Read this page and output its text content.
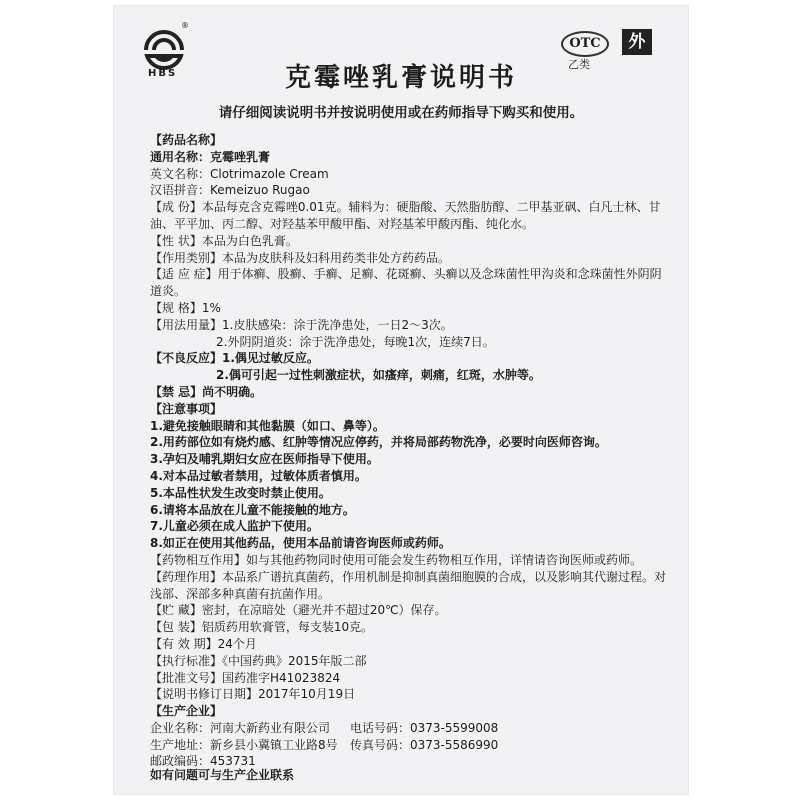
®
HBS
OTC
乙类
外
克霉唑乳膏说明书
请仔细阅读说明书并按说明使用或在药师指导下购买和使用。
【药品名称】
通用名称：克霉唑乳膏
英文名称：Clotrimazole Cream
汉语拼音：Kemeizuo Rugao
【成 份】本品每克含克霉唑0.01克。辅料为：硬脂酸、天然脂肪醇、二甲基亚砜、白凡士林、甘油、平平加、丙二醇、对羟基苯甲酸甲酯、对羟基苯甲酸丙酯、纯化水。
【性 状】本品为白色乳膏。
【作用类别】本品为皮肤科及妇科用药类非处方药药品。
【适 应 症】用于体癣、股癣、手癣、足癣、花斑癣、头癣以及念珠菌性甲沟炎和念珠菌性外阴阴道炎。
【规 格】1%
【用法用量】1.皮肤感染：涂于洗净患处，一日2～3次。
2.外阴阴道炎：涂于洗净患处，每晚1次，连续7日。
【不良反应】1.偶见过敏反应。
2.偶可引起一过性刺激症状，如瘙痒，刺痛，红斑，水肿等。
【禁 忌】尚不明确。
【注意事项】
1.避免接触眼睛和其他黏膜（如口、鼻等）。
2.用药部位如有烧灼感、红肿等情况应停药，并将局部药物洗净，必要时向医师咨询。
3.孕妇及哺乳期妇女应在医师指导下使用。
4.对本品过敏者禁用，过敏体质者慎用。
5.本品性状发生改变时禁止使用。
6.请将本品放在儿童不能接触的地方。
7.儿童必须在成人监护下使用。
8.如正在使用其他药品，使用本品前请咨询医师或药师。
【药物相互作用】如与其他药物同时使用可能会发生药物相互作用，详情请咨询医师或药师。
【药理作用】本品系广谱抗真菌药，作用机制是抑制真菌细胞膜的合成，以及影响其代谢过程。对浅部、深部多种真菌有抗菌作用。
【贮 藏】密封，在凉暗处（避光并不超过20℃）保存。
【包 装】铝质药用软膏管，每支装10克。
【有 效 期】24个月
【执行标准】《中国药典》2015年版二部
【批准文号】国药准字H41023824
【说明书修订日期】2017年10月19日
【生产企业】
企业名称：河南大新药业有限公司 电话号码：0373-5599008
生产地址：新乡县小冀镇工业路8号 传真号码：0373-5586990
邮政编码：453731
如有问题可与生产企业联系
